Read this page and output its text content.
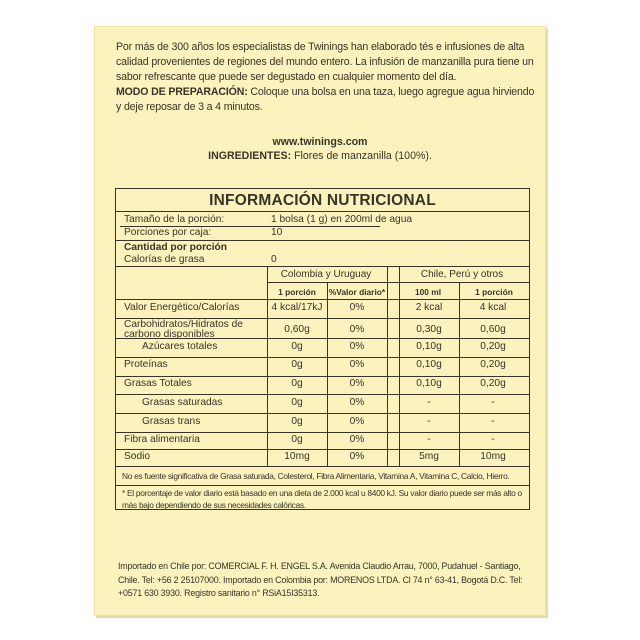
Por más de 300 años los especialistas de Twinings han elaborado tés e infusiones de alta calidad provenientes de regiones del mundo entero. La infusión de manzanilla pura tiene un sabor refrescante que puede ser degustado en cualquier momento del día.

MODO DE PREPARACIÓN: Coloque una bolsa en una taza, luego agregue agua hirviendo y deje reposar de 3 a 4 minutos.

www.twinings.com
INGREDIENTES: Flores de manzanilla (100%).
INFORMACIÓN NUTRICIONAL
Tamaño de la porción:	1 bolsa (1 g) en 200ml de agua
Porciones por caja:	10
Cantidad por porción
Calorías de grasa	0
Colombia y Uruguay	Chile, Perú y otros
1 porción	%Valor diario*	100 ml	1 porción
Valor Energético/Calorías	4 kcal/17kJ	0%	2 kcal	4 kcal
Carbohidratos/Hidratos de
carbono disponibles	0,60g	0%	0,30g	0,60g
Azúcares totales	0g	0%	0,10g	0,20g
Proteínas	0g	0%	0,10g	0,20g
Grasas Totales	0g	0%	0,10g	0,20g
Grasas saturadas	0g	0%	-	-
Grasas trans	0g	0%	-	-
Fibra alimentaria	0g	0%	-	-
Sodio	10mg	0%	5mg	10mg
No es fuente significativa de Grasa saturada, Colesterol, Fibra Alimentaria, Vitamina A, Vitamina C, Calcio, Hierro.
* El porcentaje de valor diario está basado en una dieta de 2.000 kcal u 8400 kJ. Su valor diario puede ser más alto o más bajo dependiendo de sus necesidades calóricas.

Importado en Chile por: COMERCIAL F. H. ENGEL S.A. Avenida Claudio Arrau, 7000, Pudahuel - Santiago, Chile. Tel: +56 2 25107000. Importado en Colombia por: MORENOS LTDA. Cl 74 n° 63-41, Bogotá D.C. Tel: +0571 630 3930. Registro sanitario n° RSiA15I35313.
